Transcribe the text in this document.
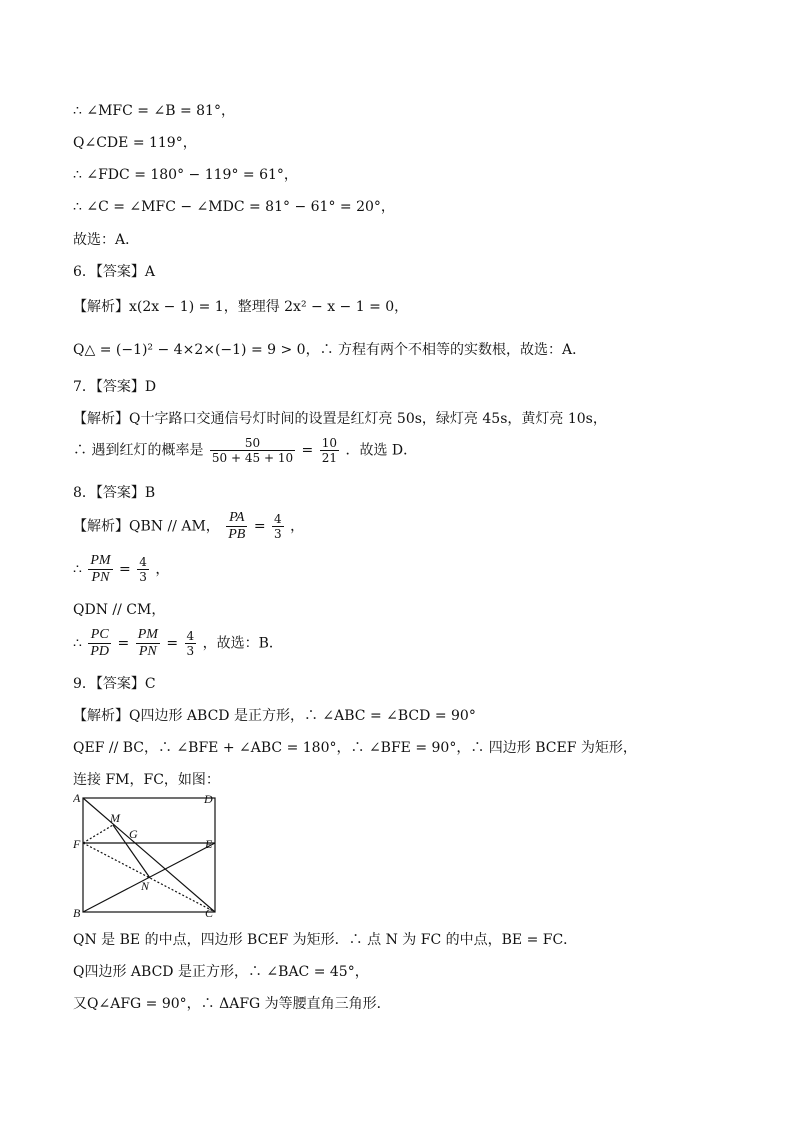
∴ ∠MFC = ∠B = 81°，
Q∠CDE = 119°，
∴ ∠FDC = 180° − 119° = 61°，
∴ ∠C = ∠MFC − ∠MDC = 81° − 61° = 20°，
故选：A．
6．【答案】A
【解析】x(2x − 1) = 1，整理得 2x² − x − 1 = 0，
Q△ = (−1)² − 4×2×(−1) = 9 > 0，∴ 方程有两个不相等的实数根，故选：A．
7．【答案】D
【解析】Q十字路口交通信号灯时间的设置是红灯亮 50s，绿灯亮 45s，黄灯亮 10s，
∴ 遇到红灯的概率是 $\frac{50}{50 + 45 + 10} = \frac{10}{21}$ ．故选 D．
8．【答案】B
【解析】QBN // AM， $\frac{PA}{PB} = \frac{4}{3}$ ，
∴ $\frac{PM}{PN} = \frac{4}{3}$ ，
QDN // CM，
∴ $\frac{PC}{PD} = \frac{PM}{PN} = \frac{4}{3}$ ，故选：B．
9．【答案】C
【解析】Q四边形 ABCD 是正方形，∴ ∠ABC = ∠BCD = 90°
QEF // BC，∴ ∠BFE + ∠ABC = 180°，∴ ∠BFE = 90°，∴ 四边形 BCEF 为矩形，
连接 FM，FC，如图：
A	D
M
G
F	E
N
B	C
QN 是 BE 的中点，四边形 BCEF 为矩形．∴ 点 N 为 FC 的中点，BE = FC．
Q四边形 ABCD 是正方形，∴ ∠BAC = 45°，
又Q∠AFG = 90°，∴ ΔAFG 为等腰直角三角形．
